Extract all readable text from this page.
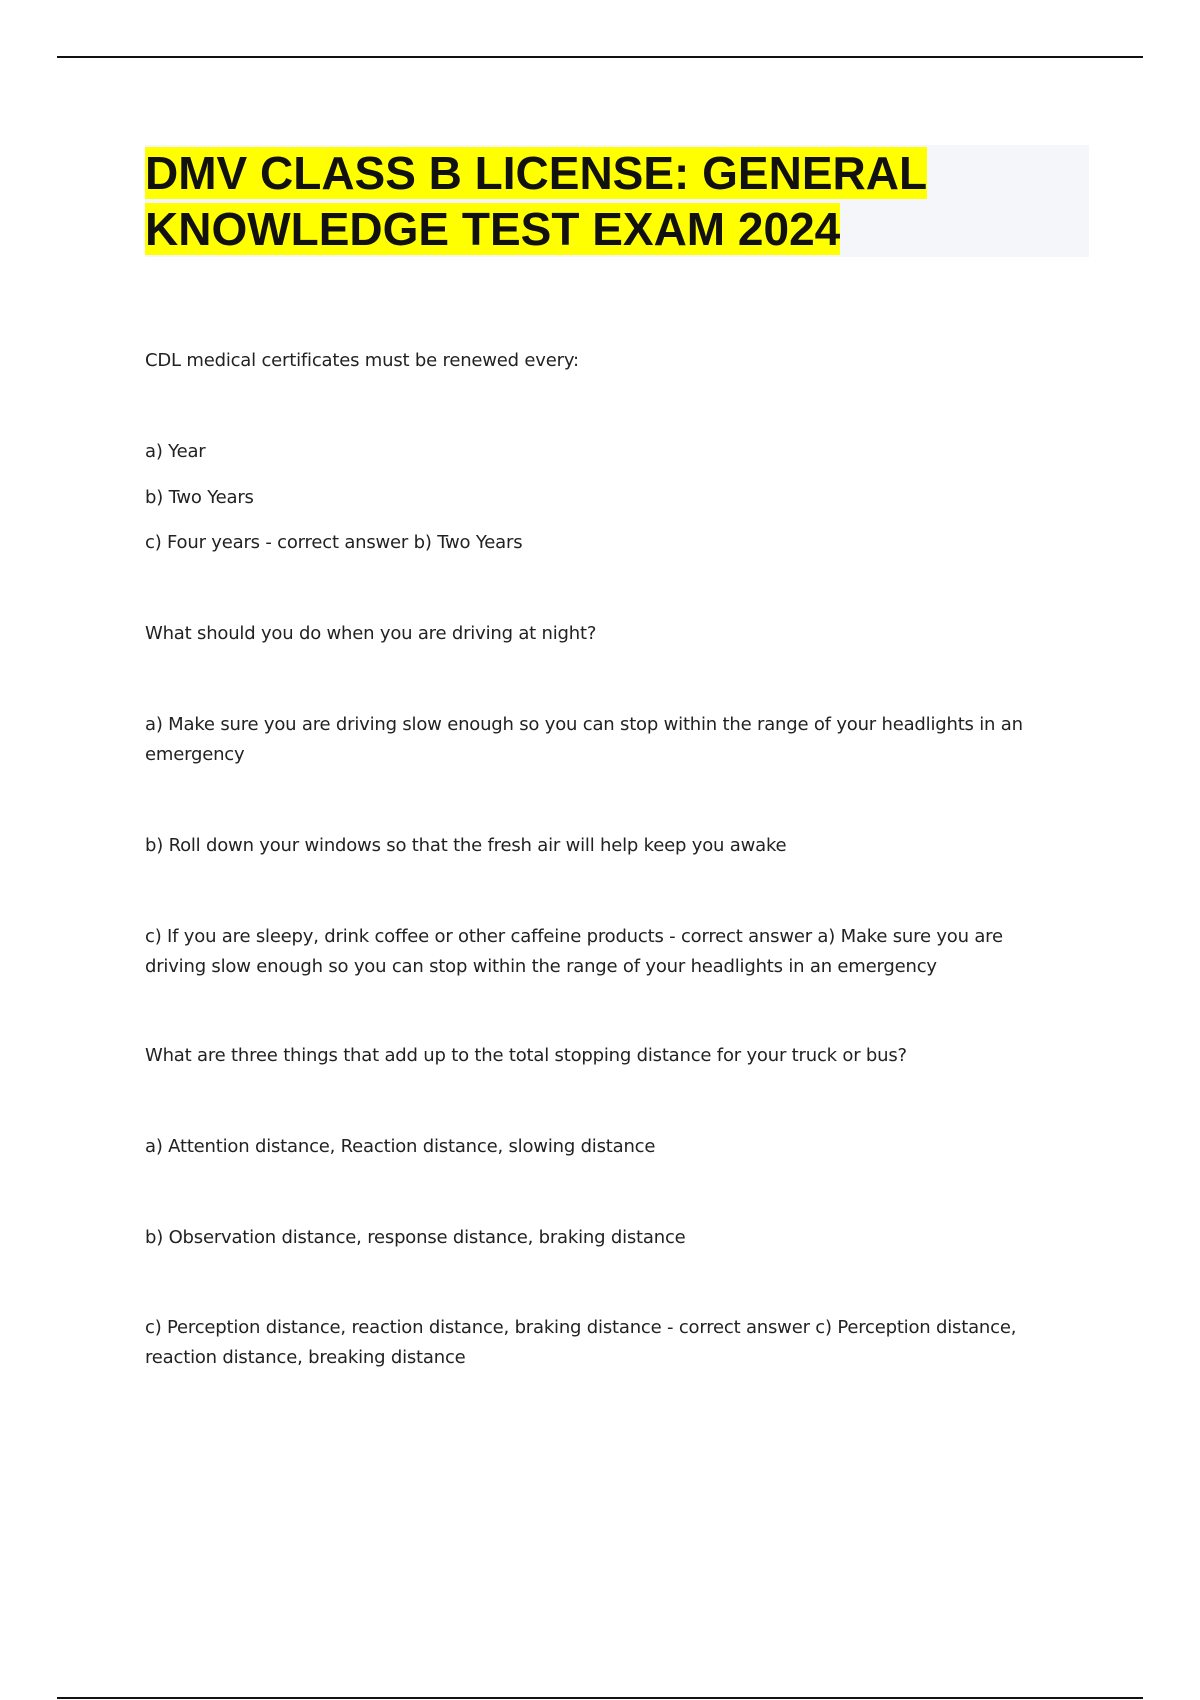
DMV CLASS B LICENSE: GENERAL KNOWLEDGE TEST EXAM 2024

CDL medical certificates must be renewed every:

a) Year

b) Two Years

c) Four years - correct answer b) Two Years

What should you do when you are driving at night?

a) Make sure you are driving slow enough so you can stop within the range of your headlights in an emergency

b) Roll down your windows so that the fresh air will help keep you awake

c) If you are sleepy, drink coffee or other caffeine products - correct answer a) Make sure you are driving slow enough so you can stop within the range of your headlights in an emergency

What are three things that add up to the total stopping distance for your truck or bus?

a) Attention distance, Reaction distance, slowing distance

b) Observation distance, response distance, braking distance

c) Perception distance, reaction distance, braking distance - correct answer c) Perception distance, reaction distance, breaking distance
